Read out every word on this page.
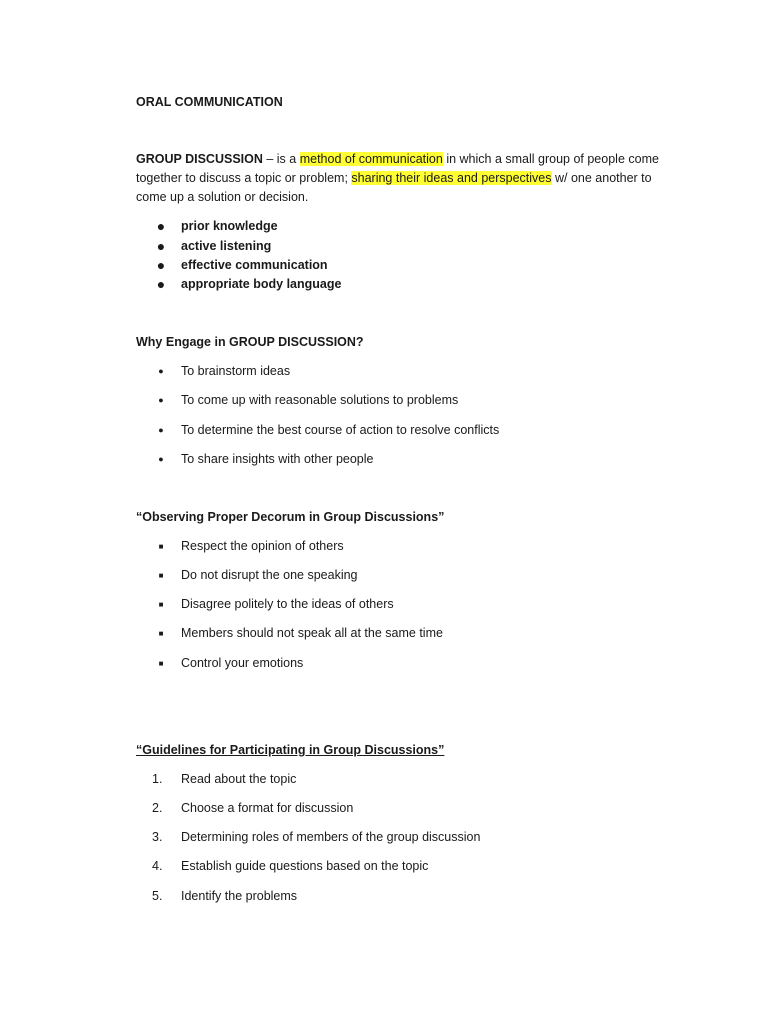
ORAL COMMUNICATION
GROUP DISCUSSION – is a method of communication in which a small group of people come
together to discuss a topic or problem; sharing their ideas and perspectives w/ one another to
come up a solution or decision.
●	prior knowledge
●	active listening
●	effective communication
●	appropriate body language
Why Engage in GROUP DISCUSSION?
●	To brainstorm ideas
●	To come up with reasonable solutions to problems
●	To determine the best course of action to resolve conflicts
●	To share insights with other people
“Observing Proper Decorum in Group Discussions”
■	Respect the opinion of others
■	Do not disrupt the one speaking
■	Disagree politely to the ideas of others
■	Members should not speak all at the same time
■	Control your emotions
“Guidelines for Participating in Group Discussions”
1.	Read about the topic
2.	Choose a format for discussion
3.	Determining roles of members of the group discussion
4.	Establish guide questions based on the topic
5.	Identify the problems
